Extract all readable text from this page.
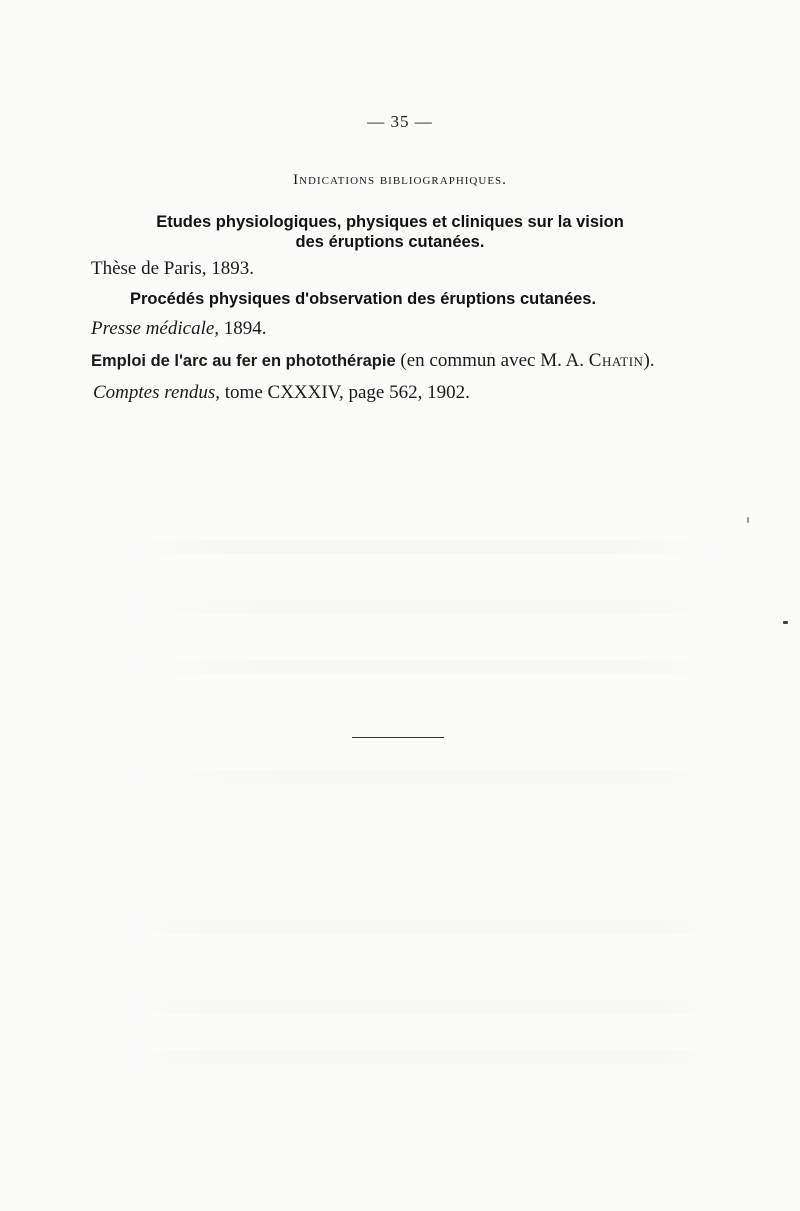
— 35 —
Indications bibliographiques.
Etudes physiologiques, physiques et cliniques sur la vision
des éruptions cutanées.
Thèse de Paris, 1893.
Procédés physiques d'observation des éruptions cutanées.
Presse médicale, 1894.
Emploi de l'arc au fer en photothérapie (en commun avec M. A. Chatin).
Comptes rendus, tome CXXXIV, page 562, 1902.
